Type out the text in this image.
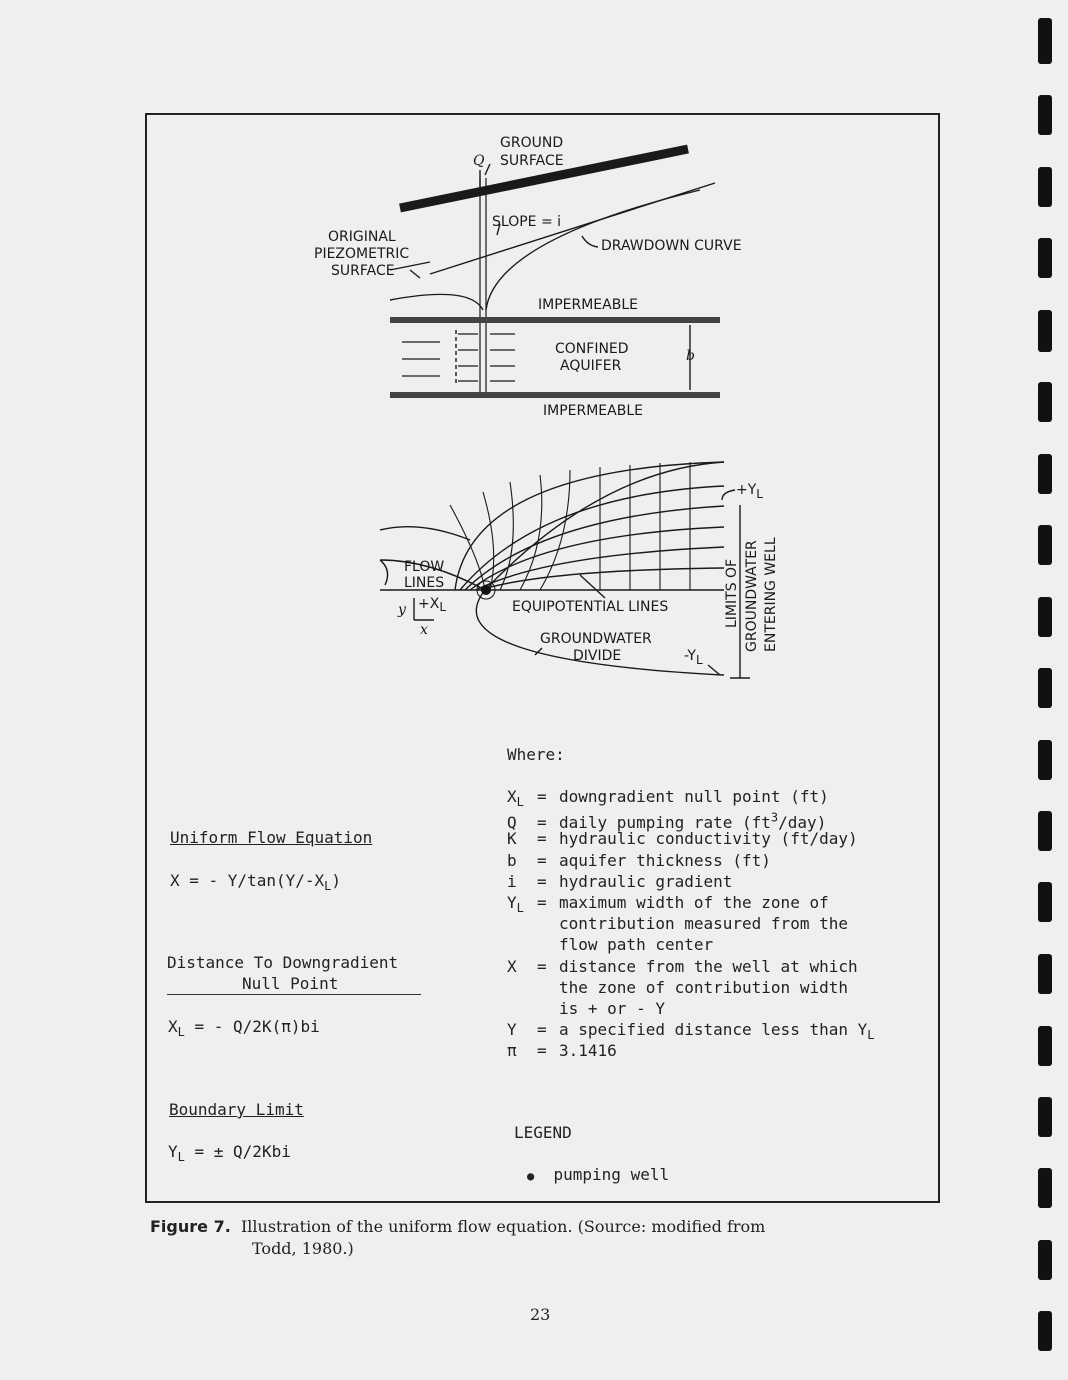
GROUND
SURFACE
Q
SLOPE = i
ORIGINAL
PIEZOMETRIC
SURFACE
DRAWDOWN CURVE
IMPERMEABLE
CONFINED
AQUIFER
b
IMPERMEABLE
+YL
FLOW
LINES
+XL
y
x
EQUIPOTENTIAL LINES
GROUNDWATER
DIVIDE	-YL
LIMITS OF GROUNDWATER ENTERING WELL
Where:
$X_L$ = downgradient null point (ft)
Q = daily pumping rate $(ft^3/day)$
K = hydraulic conductivity (ft/day)
b = aquifer thickness (ft)
i = hydraulic gradient
$Y_L$ = maximum width of the zone of
contribution measured from the
flow path center
X = distance from the well at which
the zone of contribution width
is + or - Y
Y = a specified distance less than $Y_L$
π = 3.1416
Uniform Flow Equation
X = - $Y/\tan(Y/-X_L)$
Distance To Downgradient
Null Point
$X_L$ = - Q/2K(π)bi
Boundary Limit
$Y_L$ = ± Q/2Kbi
LEGEND
● pumping well
Figure 7. Illustration of the uniform flow equation. (Source: modified from
Todd, 1980.)
23
